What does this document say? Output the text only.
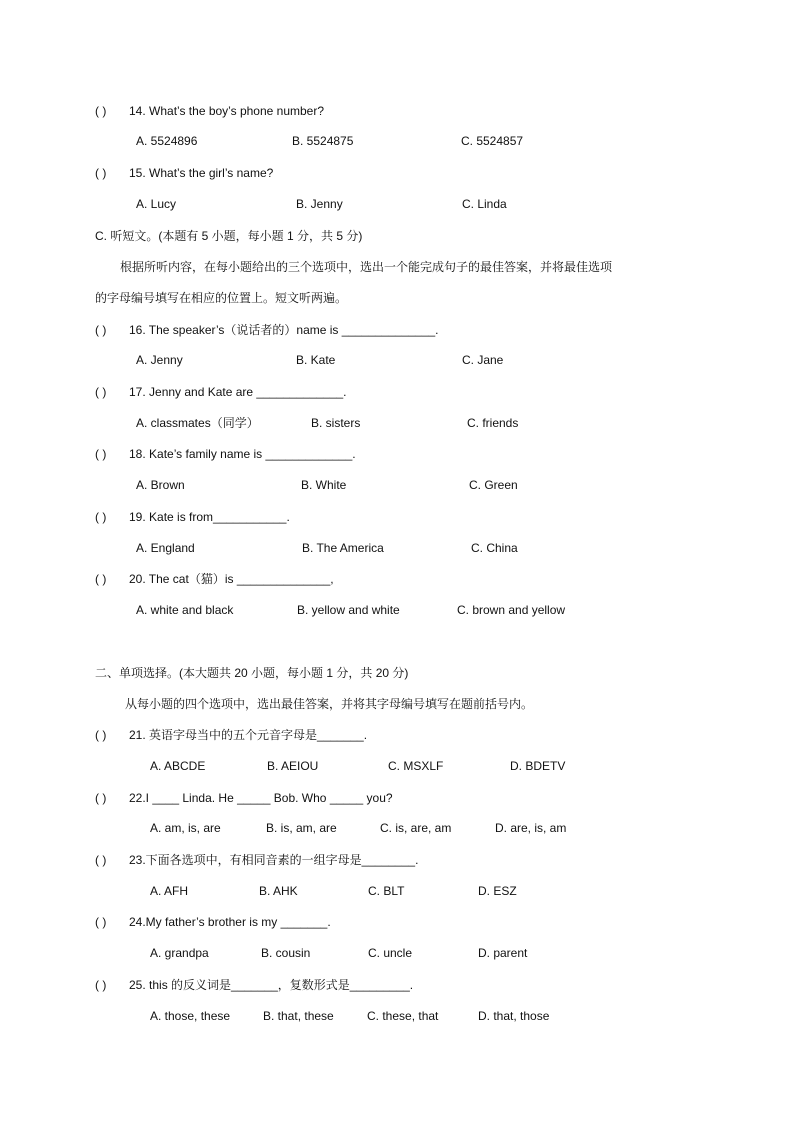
( ) 14. What’s the boy’s phone number?
A. 5524896	B. 5524875	C. 5524857
( ) 15. What’s the girl’s name?
A. Lucy	B. Jenny	C. Linda
C. 听短文。(本题有 5 小题，每小题 1 分，共 5 分)
根据所听内容，在每小题给出的三个选项中，选出一个能完成句子的最佳答案，并将最佳选项
的字母编号填写在相应的位置上。短文听两遍。
( ) 16. The speaker’s（说话者的）name is ______________.
A. Jenny	B. Kate	C. Jane
( ) 17. Jenny and Kate are _____________.
A. classmates（同学）	B. sisters	C. friends
( ) 18. Kate’s family name is _____________.
A. Brown	B. White	C. Green
( ) 19. Kate is from___________.
A. England	B. The America	C. China
( ) 20. The cat（猫）is ______________,
A. white and black	B. yellow and white	C. brown and yellow
二、单项选择。(本大题共 20 小题，每小题 1 分，共 20 分)
从每小题的四个选项中，选出最佳答案，并将其字母编号填写在题前括号内。
( ) 21. 英语字母当中的五个元音字母是_______.
A. ABCDE	B. AEIOU	C. MSXLF	D. BDETV
( ) 22.I ____ Linda. He _____ Bob. Who _____ you?
A. am, is, are	B. is, am, are	C. is, are, am	D. are, is, am
( ) 23.下面各选项中，有相同音素的一组字母是________.
A. AFH	B. AHK	C. BLT	D. ESZ
( ) 24.My father’s brother is my _______.
A. grandpa	B. cousin	C. uncle	D. parent
( ) 25. this 的反义词是_______，复数形式是_________.
A. those, these	B. that, these	C. these, that	D. that, those
